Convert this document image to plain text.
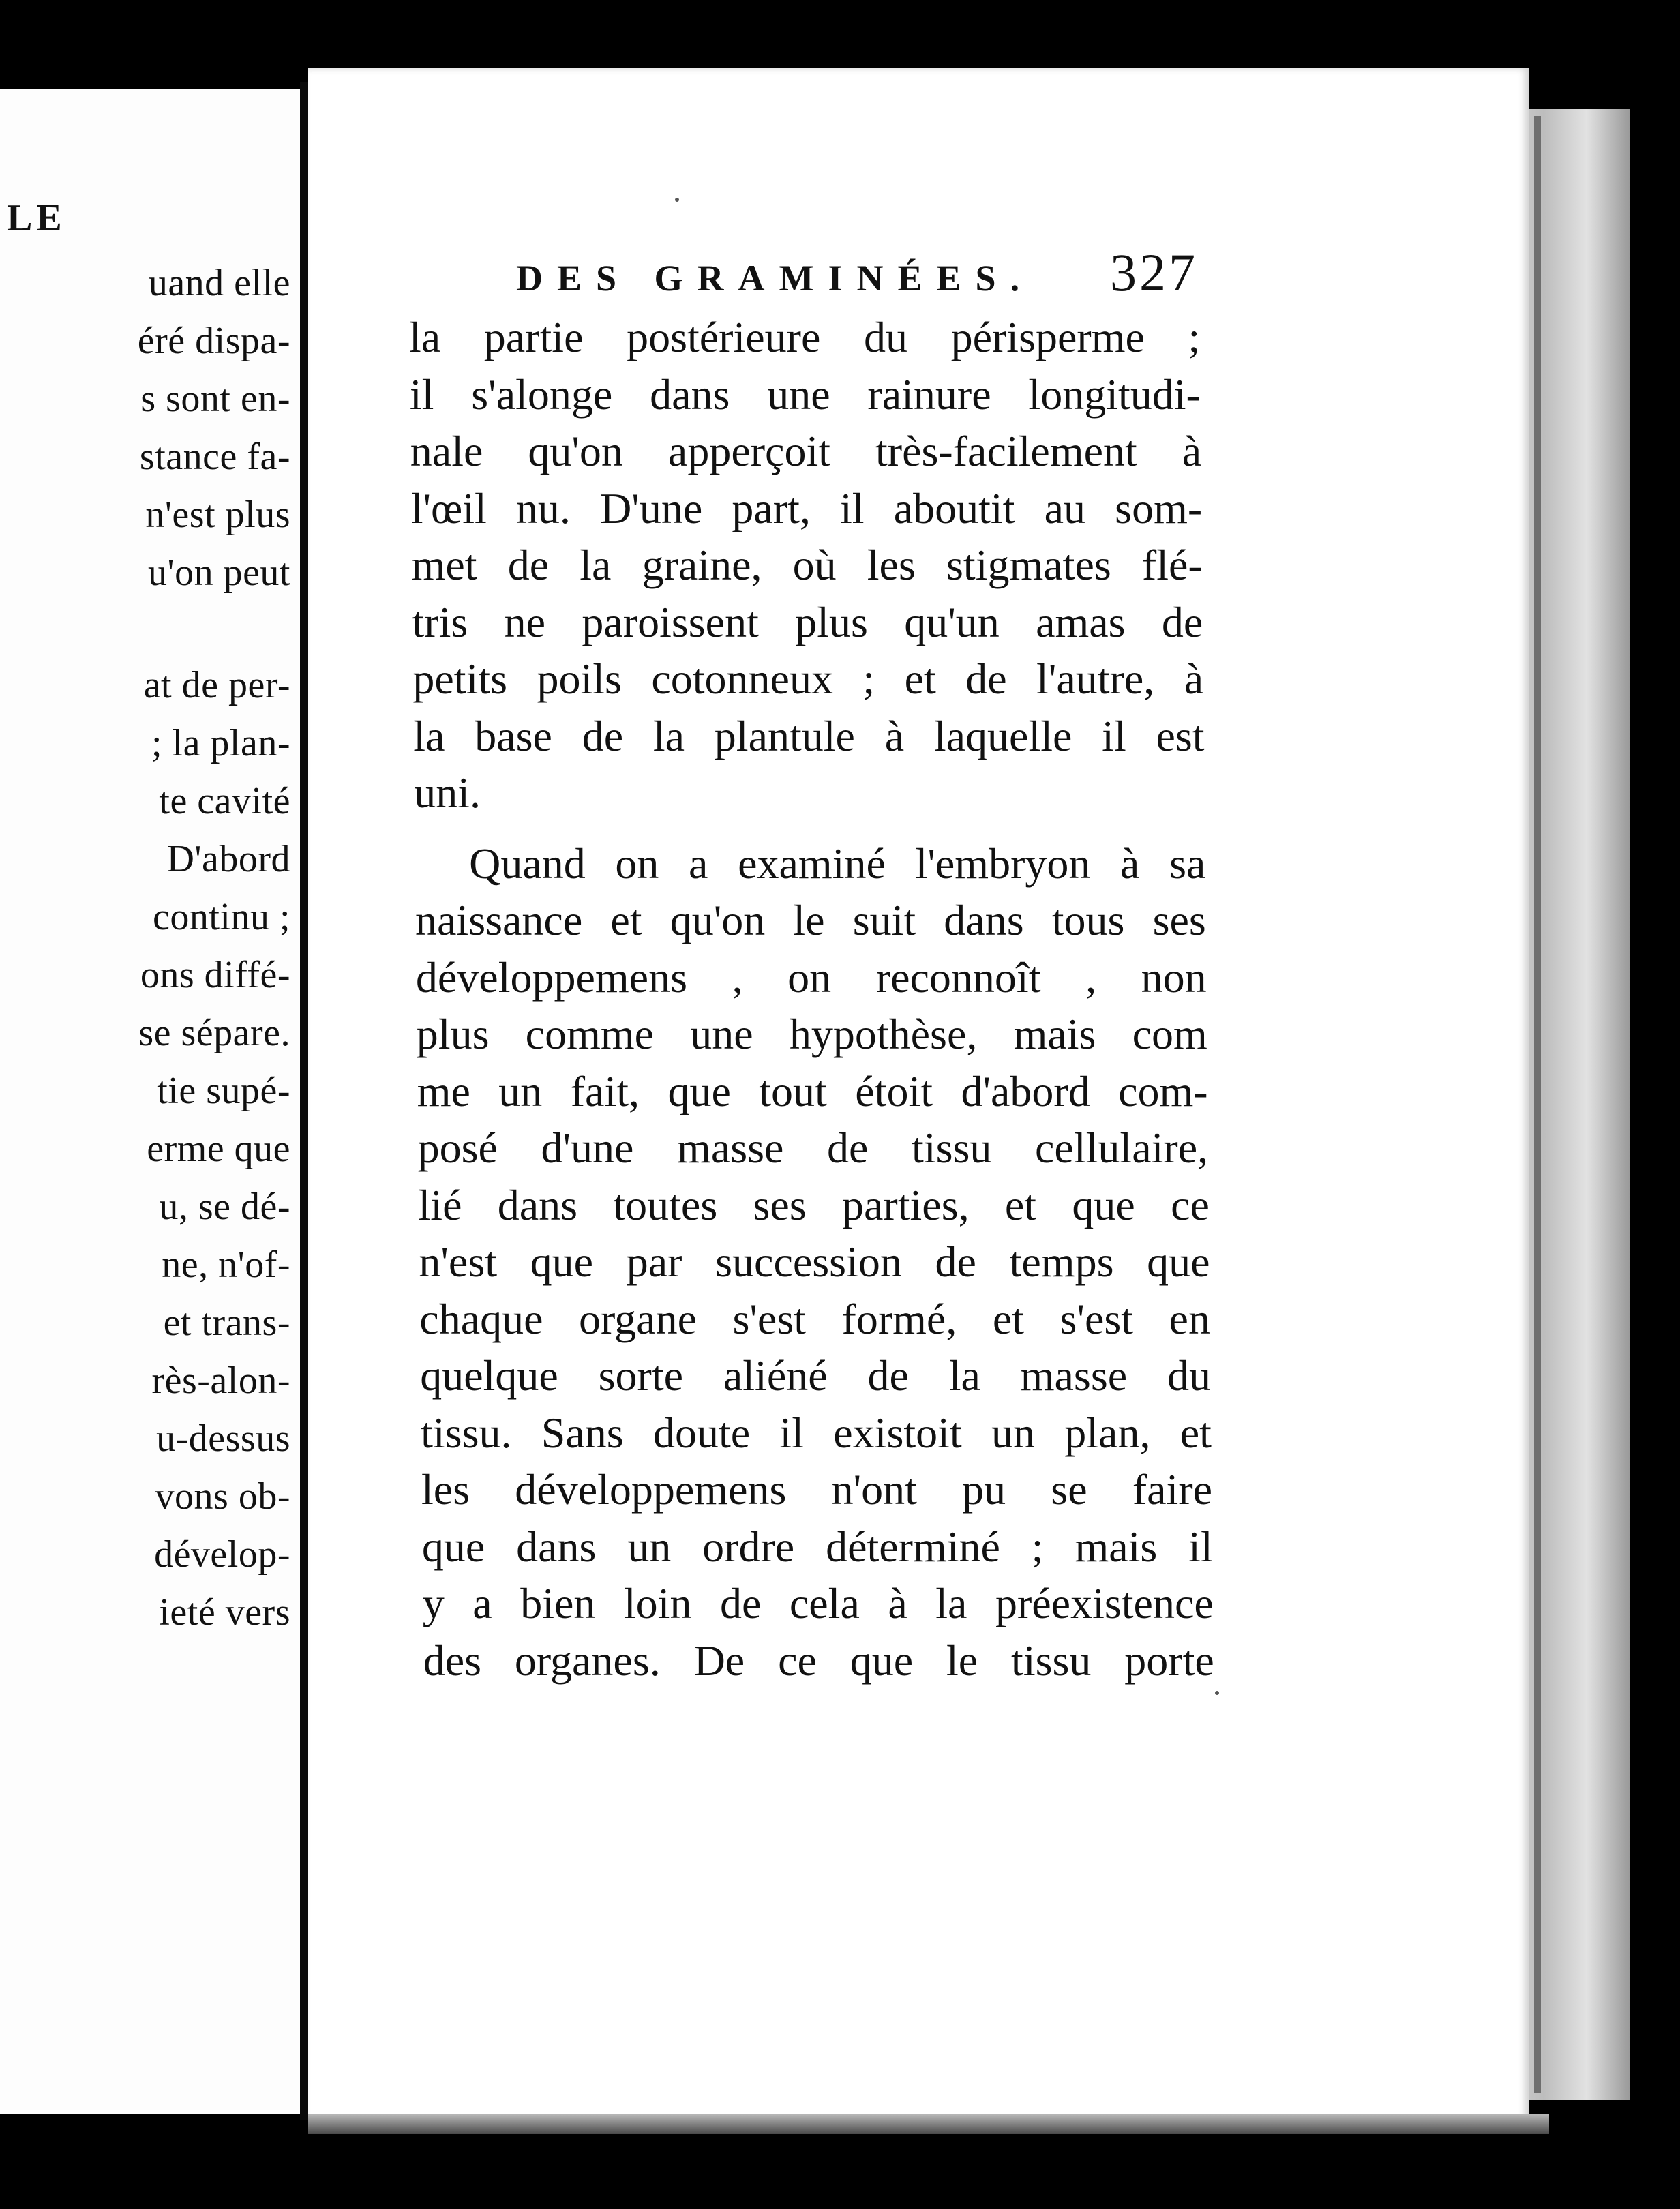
LE
uand elle
éré dispa-
s sont en-
stance fa-
n'est plus
u'on peut
at de per-
; la plan-
te cavité
D'abord
continu ;
ons diffé-
se sépare.
tie supé-
erme que
u, se dé-
ne, n'of-
et trans-
rès-alon-
u-dessus
vons ob-
dévelop-
ieté vers
DES GRAMINÉES. 327
la partie postérieure du périsperme ;
il s'alonge dans une rainure longitudi-
nale qu'on apperçoit très-facilement à
l'œil nu. D'une part, il aboutit au som-
met de la graine, où les stigmates flé-
tris ne paroissent plus qu'un amas de
petits poils cotonneux ; et de l'autre, à
la base de la plantule à laquelle il est
uni.
Quand on a examiné l'embryon à sa
naissance et qu'on le suit dans tous ses
développemens , on reconnoît , non
plus comme une hypothèse, mais com
me un fait, que tout étoit d'abord com-
posé d'une masse de tissu cellulaire,
lié dans toutes ses parties, et que ce
n'est que par succession de temps que
chaque organe s'est formé, et s'est en
quelque sorte aliéné de la masse du
tissu. Sans doute il existoit un plan, et
les développemens n'ont pu se faire
que dans un ordre déterminé ; mais il
y a bien loin de cela à la préexistence
des organes. De ce que le tissu porte
